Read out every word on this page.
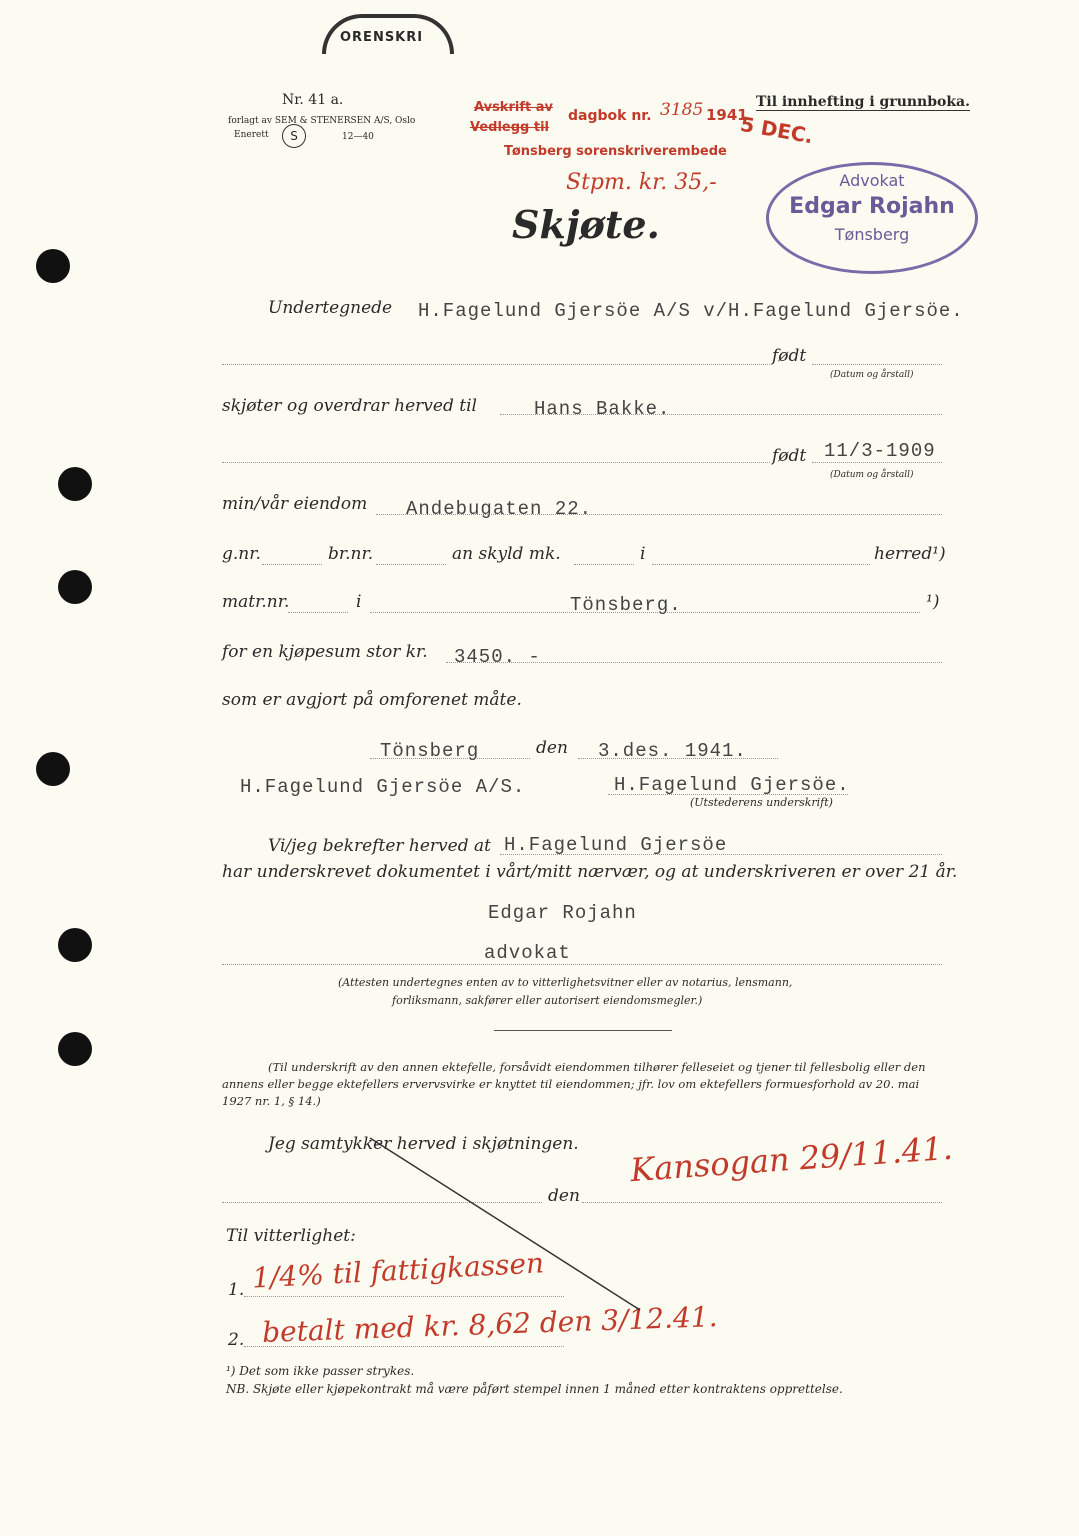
ORENSKRI
Nr. 41 a.
forlagt av SEM & STENERSEN A/S, Oslo
Enerett	S	12—40
Avskrift av
Vedlegg til
dagbok nr. 3185 1941
5 DEC.
Tønsberg sorenskriverembede
Stpm. kr. 35,-
Til innhefting i grunnboka.
Advokat
Edgar Rojahn
Tønsberg
Skjøte.
Undertegnede H.Fagelund Gjersöe A/S v/H.Fagelund Gjersöe.
født
(Datum og årstall)
skjøter og overdrar herved til	Hans Bakke.
født 11/3-1909
(Datum og årstall)
min/vår eiendom Andebugaten 22.
g.nr.	br.nr.	an skyld mk.	i	herred¹)
matr.nr.	i	Tönsberg.	¹)
for en kjøpesum stor kr. 3450. -
som er avgjort på omforenet måte.
Tönsberg	den 3.des. 1941.
H.Fagelund Gjersöe A/S.	H.Fagelund Gjersöe.
(Utstederens underskrift)
Vi/jeg bekrefter herved at H.Fagelund Gjersöe
har underskrevet dokumentet i vårt/mitt nærvær, og at underskriveren er over 21 år.
Edgar Rojahn
advokat
(Attesten undertegnes enten av to vitterlighetsvitner eller av notarius, lensmann,
forliksmann, sakfører eller autorisert eiendomsmegler.)
(Til underskrift av den annen ektefelle, forsåvidt eiendommen tilhører felleseiet og tjener til fellesbolig eller den
annens eller begge ektefellers ervervsvirke er knyttet til eiendommen; jfr. lov om ektefellers formuesforhold av 20. mai
1927 nr. 1, § 14.)
Jeg samtykker herved i skjøtningen. Kansogan 29/11.41.
den
Til vitterlighet:
1. 1/4% til fattigkassen
2. betalt med kr. 8,62 den 3/12.41.
¹) Det som ikke passer strykes.
NB. Skjøte eller kjøpekontrakt må være påført stempel innen 1 måned etter kontraktens opprettelse.
